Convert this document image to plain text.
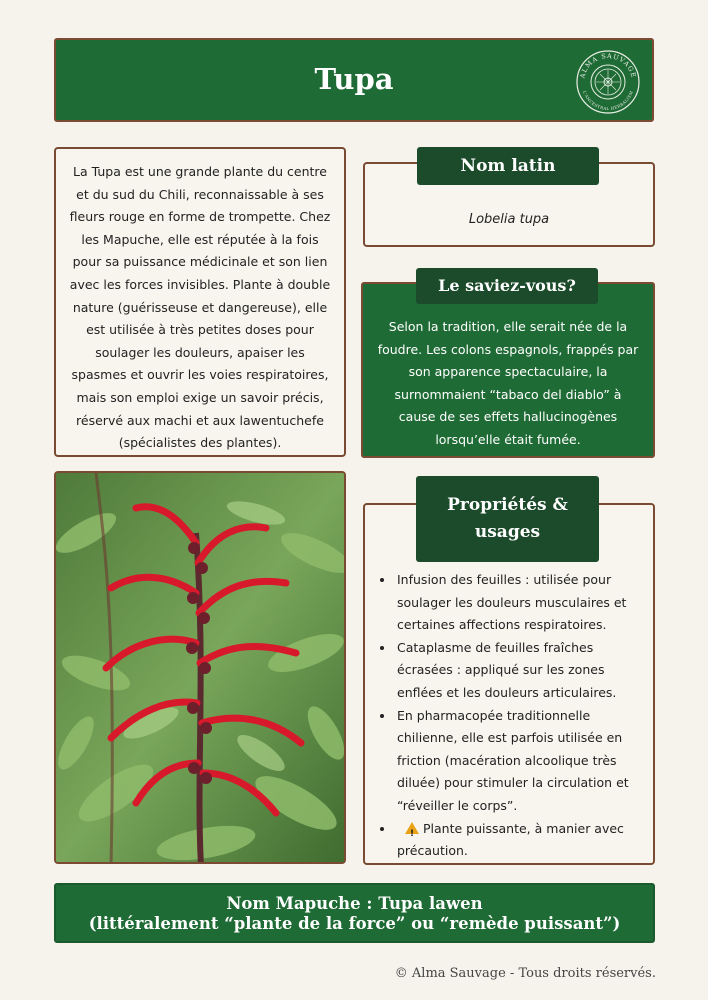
Tupa	ALMA SAUVAGE
L'ANCESTRAL HERBALISM
La Tupa est une grande plante du centre et du sud du Chili, reconnaissable à ses fleurs rouge en forme de trompette. Chez les Mapuche, elle est réputée à la fois pour sa puissance médicinale et son lien avec les forces invisibles. Plante à double nature (guérisseuse et dangereuse), elle est utilisée à très petites doses pour soulager les douleurs, apaiser les spasmes et ouvrir les voies respiratoires, mais son emploi exige un savoir précis, réservé aux machi et aux lawentuchefe (spécialistes des plantes).
Lobelia tupa
Nom latin
Selon la tradition, elle serait née de la foudre. Les colons espagnols, frappés par son apparence spectaculaire, la surnommaient “tabaco del diablo” à cause de ses effets hallucinogènes lorsqu’elle était fumée.
Le saviez-vous?
• Infusion des feuilles : utilisée pour soulager les douleurs musculaires et certaines affections respiratoires.
• Cataplasme de feuilles fraîches écrasées : appliqué sur les zones enflées et les douleurs articulaires.
• En pharmacopée traditionnelle chilienne, elle est parfois utilisée en friction (macération alcoolique très diluée) pour stimuler la circulation et “réveiller le corps”.
!• Plante puissante, à manier avec précaution.
Propriétés & usages
Nom Mapuche : Tupa lawen
(littéralement “plante de la force” ou “remède puissant”)
© Alma Sauvage - Tous droits réservés.
